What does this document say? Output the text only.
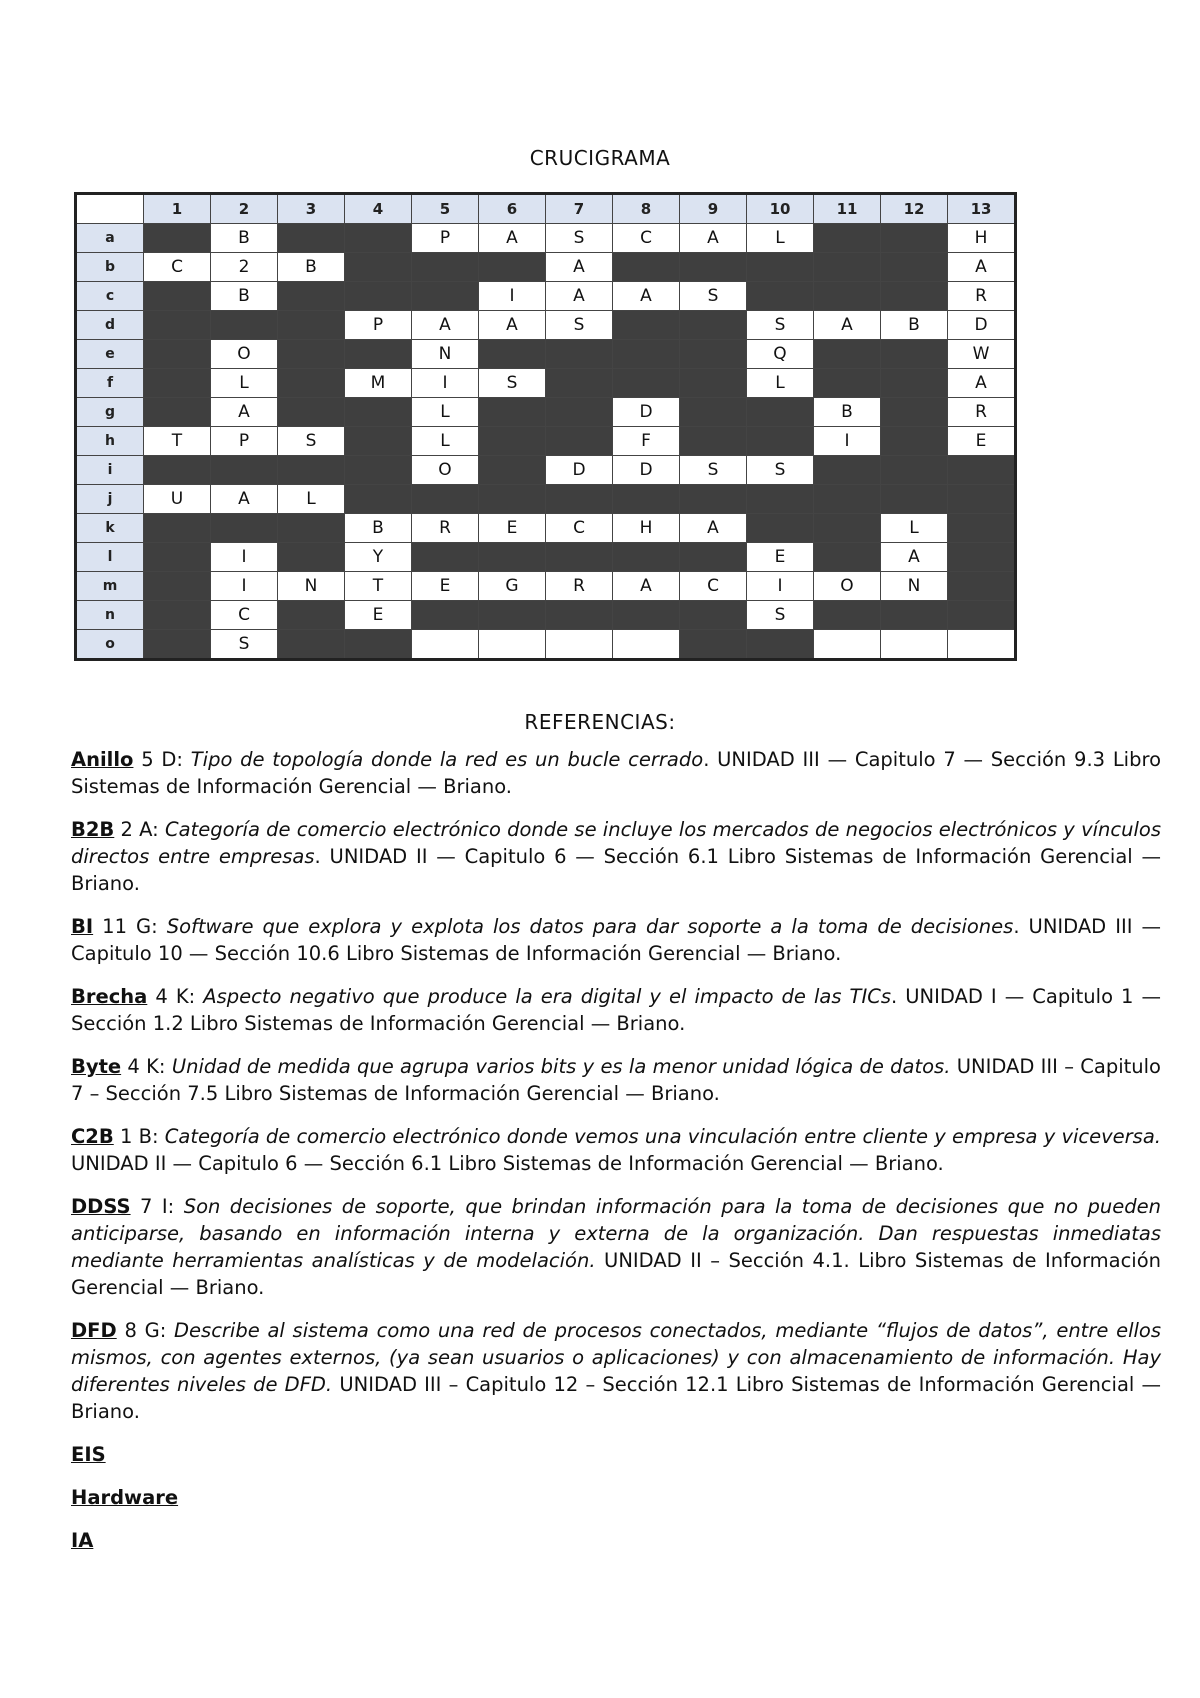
CRUCIGRAMA
	1	2	3	4	5	6	7	8	9	10	11	12	13
a		B			P	A	S	C	A	L			H
b	C	2	B				A						A
c		B				I	A	A	S				R
d				P	A	A	S			S	A	B	D
e		O			N					Q			W
f		L		M	I	S				L			A
g		A			L			D			B		R
h	T	P	S		L			F			I		E
i					O		D	D	S	S			
j	U	A	L										
k				B	R	E	C	H	A			L	
l		I		Y						E		A	
m		I	N	T	E	G	R	A	C	I	O	N	
n		C		E						S			
o		S											
REFERENCIAS:

Anillo 5 D: Tipo de topología donde la red es un bucle cerrado. UNIDAD III — Capitulo 7 — Sección 9.3 Libro Sistemas de Información Gerencial — Briano.

B2B 2 A: Categoría de comercio electrónico donde se incluye los mercados de negocios electrónicos y vínculos directos entre empresas. UNIDAD II — Capitulo 6 — Sección 6.1 Libro Sistemas de Información Gerencial — Briano.

BI 11 G: Software que explora y explota los datos para dar soporte a la toma de decisiones. UNIDAD III — Capitulo 10 — Sección 10.6 Libro Sistemas de Información Gerencial — Briano.

Brecha 4 K: Aspecto negativo que produce la era digital y el impacto de las TICs. UNIDAD I — Capitulo 1 — Sección 1.2 Libro Sistemas de Información Gerencial — Briano.

Byte 4 K: Unidad de medida que agrupa varios bits y es la menor unidad lógica de datos. UNIDAD III – Capitulo 7 – Sección 7.5 Libro Sistemas de Información Gerencial — Briano.

C2B 1 B: Categoría de comercio electrónico donde vemos una vinculación entre cliente y empresa y viceversa. UNIDAD II — Capitulo 6 — Sección 6.1 Libro Sistemas de Información Gerencial — Briano.

DDSS 7 I: Son decisiones de soporte, que brindan información para la toma de decisiones que no pueden anticiparse, basando en información interna y externa de la organización. Dan respuestas inmediatas mediante herramientas analísticas y de modelación. UNIDAD II – Sección 4.1. Libro Sistemas de Información Gerencial — Briano.

DFD 8 G: Describe al sistema como una red de procesos conectados, mediante “flujos de datos”, entre ellos mismos, con agentes externos, (ya sean usuarios o aplicaciones) y con almacenamiento de información. Hay diferentes niveles de DFD. UNIDAD III – Capitulo 12 – Sección 12.1 Libro Sistemas de Información Gerencial — Briano.

EIS
Hardware
IA
